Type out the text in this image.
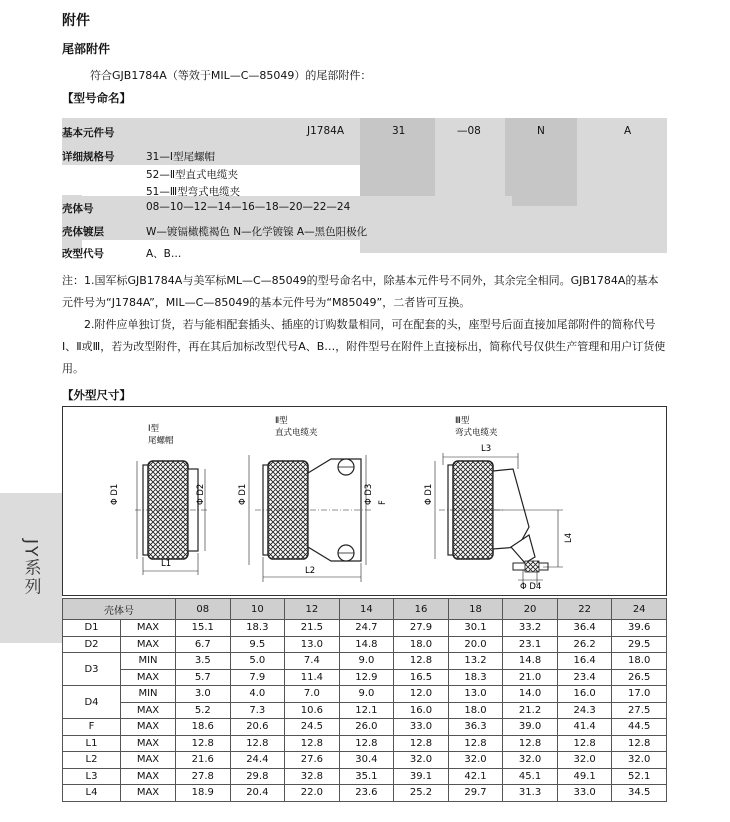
附件
尾部附件
符合GJB1784A（等效于MIL—C—85049）的尾部附件：
【型号命名】
基本元件号	J1784A	31	—08	N	A
详细规格号	31—Ⅰ型尾螺帽
52—Ⅱ型直式电缆夹
51—Ⅲ型弯式电缆夹
壳体号	08—10—12—14—16—18—20—22—24
壳体镀层	W—镀镉橄榄褐色 N—化学镀镍 A—黑色阳极化
改型代号	A、B…

注：1.国军标GJB1784A与美军标ML—C—85049的型号命名中，除基本元件号不同外，其余完全相同。GJB1784A的基本元件号为“J1784A”，MIL—C—85049的基本元件号为“M85049”，二者皆可互换。

2.附件应单独订货，若与能相配套插头、插座的订购数量相同，可在配套的头，座型号后面直接加尾部附件的简称代号Ⅰ、Ⅱ或Ⅲ，若为改型附件，再在其后加标改型代号A、B…，附件型号在附件上直接标出，简称代号仅供生产管理和用户订货使用。

JY系列
【外型尺寸】
Ⅰ型
尾螺帽
Φ D1	Φ D2
L1
Ⅱ型
直式电缆夹
Φ D1	Φ D3 F
L2
Ⅲ型
弯式电缆夹
L3
Φ D1
L4
Φ D4
壳体号		08	10	12	14	16	18	20	22	24
D1	MAX	15.1	18.3	21.5	24.7	27.9	30.1	33.2	36.4	39.6
D2	MAX	6.7	9.5	13.0	14.8	18.0	20.0	23.1	26.2	29.5
D3	MIN	3.5	5.0	7.4	9.0	12.8	13.2	14.8	16.4	18.0
	MAX	5.7	7.9	11.4	12.9	16.5	18.3	21.0	23.4	26.5
D4	MIN	3.0	4.0	7.0	9.0	12.0	13.0	14.0	16.0	17.0
	MAX	5.2	7.3	10.6	12.1	16.0	18.0	21.2	24.3	27.5
F	MAX	18.6	20.6	24.5	26.0	33.0	36.3	39.0	41.4	44.5
L1	MAX	12.8	12.8	12.8	12.8	12.8	12.8	12.8	12.8	12.8
L2	MAX	21.6	24.4	27.6	30.4	32.0	32.0	32.0	32.0	32.0
L3	MAX	27.8	29.8	32.8	35.1	39.1	42.1	45.1	49.1	52.1
L4	MAX	18.9	20.4	22.0	23.6	25.2	29.7	31.3	33.0	34.5
